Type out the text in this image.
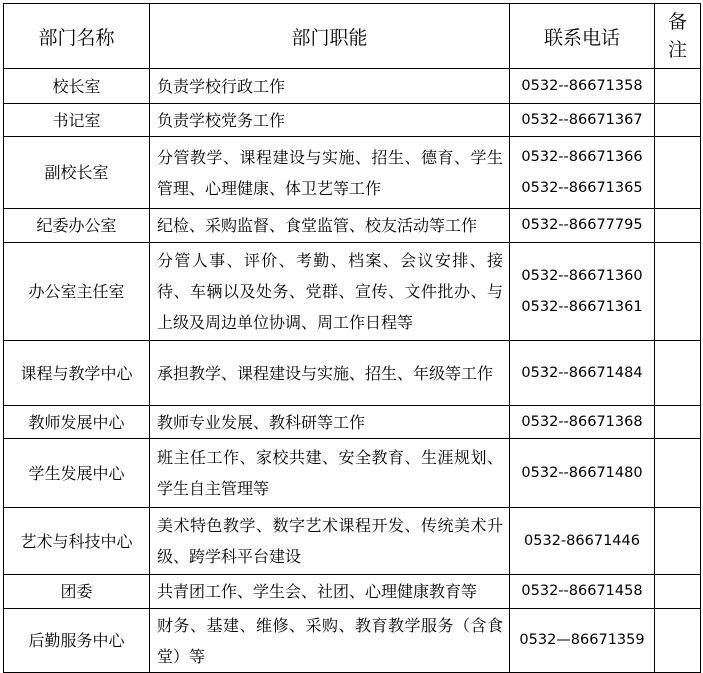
部门名称	部门职能	联系电话	备
注

校长室	负责学校行政工作	0532--86671358	

书记室	负责学校党务工作	0532--86671367	

副校长室	分管教学、课程建设与实施、招生、德育、学生管理、心理健康、体卫艺等工作	0532--86671366
0532--86671365	

纪委办公室	纪检、采购监督、食堂监管、校友活动等工作	0532--86677795	

办公室主任室	分管人事、评价、考勤、档案、会议安排、接待、车辆以及处务、党群、宣传、文件批办、与上级及周边单位协调、周工作日程等	0532--86671360
0532--86671361	

课程与教学中心	承担教学、课程建设与实施、招生、年级等工作	0532--86671484	

教师发展中心	教师专业发展、教科研等工作	0532--86671368	

学生发展中心	班主任工作、家校共建、安全教育、生涯规划、学生自主管理等	0532--86671480	

艺术与科技中心	美术特色教学、数字艺术课程开发、传统美术升级、跨学科平台建设	0532-86671446	

团委	共青团工作、学生会、社团、心理健康教育等	0532--86671458	

后勤服务中心	财务、基建、维修、采购、教育教学服务（含食堂）等	0532—86671359	
